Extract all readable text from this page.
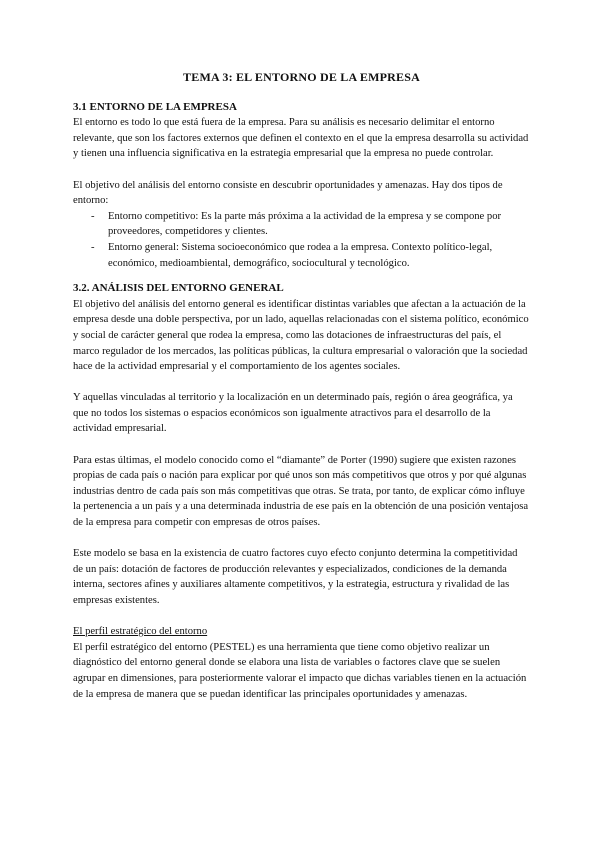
TEMA 3: EL ENTORNO DE LA EMPRESA
3.1 ENTORNO DE LA EMPRESA

El entorno es todo lo que está fuera de la empresa. Para su análisis es necesario delimitar el entorno relevante, que son los factores externos que definen el contexto en el que la empresa desarrolla su actividad y tienen una influencia significativa en la estrategia empresarial que la empresa no puede controlar.

El objetivo del análisis del entorno consiste en descubrir oportunidades y amenazas. Hay dos tipos de entorno:

- Entorno competitivo: Es la parte más próxima a la actividad de la empresa y se compone por proveedores, competidores y clientes.
- Entorno general: Sistema socioeconómico que rodea a la empresa. Contexto político-legal, económico, medioambiental, demográfico, sociocultural y tecnológico.
3.2. ANÁLISIS DEL ENTORNO GENERAL

El objetivo del análisis del entorno general es identificar distintas variables que afectan a la actuación de la empresa desde una doble perspectiva, por un lado, aquellas relacionadas con el sistema político, económico y social de carácter general que rodea la empresa, como las dotaciones de infraestructuras del país, el marco regulador de los mercados, las políticas públicas, la cultura empresarial o valoración que la sociedad hace de la actividad empresarial y el comportamiento de los agentes sociales.

Y aquellas vinculadas al territorio y la localización en un determinado país, región o área geográfica, ya que no todos los sistemas o espacios económicos son igualmente atractivos para el desarrollo de la actividad empresarial.

Para estas últimas, el modelo conocido como el “diamante” de Porter (1990) sugiere que existen razones propias de cada país o nación para explicar por qué unos son más competitivos que otros y por qué algunas industrias dentro de cada país son más competitivas que otras. Se trata, por tanto, de explicar cómo influye la pertenencia a un país y a una determinada industria de ese país en la obtención de una posición ventajosa de la empresa para competir con empresas de otros países.

Este modelo se basa en la existencia de cuatro factores cuyo efecto conjunto determina la competitividad de un país: dotación de factores de producción relevantes y especializados, condiciones de la demanda interna, sectores afines y auxiliares altamente competitivos, y la estrategia, estructura y rivalidad de las empresas existentes.

El perfil estratégico del entorno

El perfil estratégico del entorno (PESTEL) es una herramienta que tiene como objetivo realizar un diagnóstico del entorno general donde se elabora una lista de variables o factores clave que se suelen agrupar en dimensiones, para posteriormente valorar el impacto que dichas variables tienen en la actuación de la empresa de manera que se puedan identificar las principales oportunidades y amenazas.
